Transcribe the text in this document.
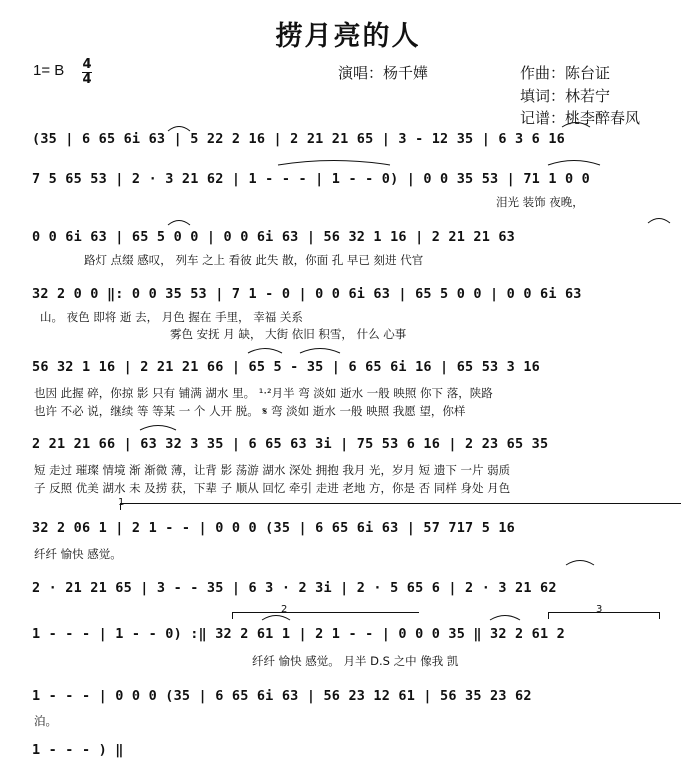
捞月亮的人
1= B 4
4	演唱：杨千嬅	作曲：陈台证
填词：林若宁
记谱：桃李醉春风
(35 | 6 65 6i 63 | 5 22 2 16 | 2 21 21 65 | 3 - 12 35 | 6 3 6 16
7 5 65 53 | 2 · 3 21 62 | 1 - - - | 1 - - 0) | 0 0 35 53 | 71 1 0 0
泪光 装饰 夜晚，
0 0 6i 63 | 65 5 0 0 | 0 0 6i 63 | 56 32 1 16 | 2 21 21 63
路灯 点缀 感叹， 列车 之上 看彼 此失 散，你面 孔 早已 刻进 代官
32 2 0 0 ‖: 0 0 35 53 | 7 1 - 0 | 0 0 6i 63 | 65 5 0 0 | 0 0 6i 63
山。 夜色 即将 逝 去， 月色 握在 手里， 幸福 关系
雾色 安抚 月 缺， 大街 依旧 积雪， 什么 心事
56 32 1 16 | 2 21 21 66 | 65 5 - 35 | 6 65 6i 16 | 65 53 3 16
也因 此握 碎，你掠 影 只有 铺满 湖水 里。 ¹·²月半 弯 淡如 逝水 一般 映照 你下 落，陕路
也许 不必 说，继续 等 等某 一 个 人开 脱。 𝄋 弯 淡如 逝水 一般 映照 我愿 望，你样
2 21 21 66 | 63 32 3 35 | 6 65 63 3i | 75 53 6 16 | 2 23 65 35
短 走过 璀璨 情境 渐 渐微 薄，让背 影 荡游 湖水 深处 拥抱 我月 光，岁月 短 遗下 一片 弱质
子 反照 优美 湖水 未 及捞 获，下辈 子 顺从 回忆 牵引 走进 老地 方，你是 否 同样 身处 月色
32 2 06 1 | 2 1 - - | 0 0 0 (35 | 6 65 6i 63 | 57 717 5 16
纤纤 愉快 感觉。
2 · 21 21 65 | 3 - - 35 | 6 3 · 2 3i | 2 · 5 65 6 | 2 · 3 21 62
1 - - - | 1 - - 0) :‖ 32 2 61 1 | 2 1 - - | 0 0 0 35 ‖ 32 2 61 2
纤纤 愉快 感觉。 月半 D.S 之中 像我 凯
1 - - - | 0 0 0 (35 | 6 65 6i 63 | 56 23 12 61 | 56 35 23 62
泊。
1 - - - ) ‖
1
2	3
